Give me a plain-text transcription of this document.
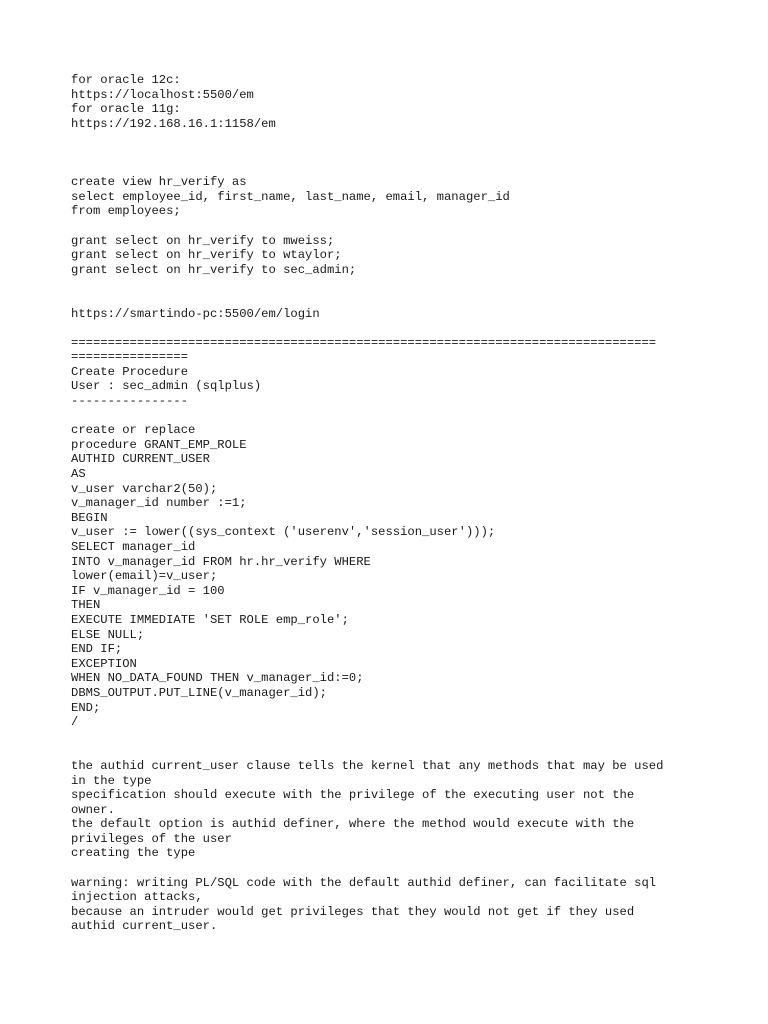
for oracle 12c:
https://localhost:5500/em
for oracle 11g:
https://192.168.16.1:1158/em
create view hr_verify as
select employee_id, first_name, last_name, email, manager_id
from employees;
grant select on hr_verify to mweiss;
grant select on hr_verify to wtaylor;
grant select on hr_verify to sec_admin;
https://smartindo-pc:5500/em/login
================================================================================
================
Create Procedure
User : sec_admin (sqlplus)
----------------
create or replace
procedure GRANT_EMP_ROLE
AUTHID CURRENT_USER
AS
v_user varchar2(50);
v_manager_id number :=1;
BEGIN
v_user := lower((sys_context ('userenv','session_user')));
SELECT manager_id
INTO v_manager_id FROM hr.hr_verify WHERE
lower(email)=v_user;
IF v_manager_id = 100
THEN
EXECUTE IMMEDIATE 'SET ROLE emp_role';
ELSE NULL;
END IF;
EXCEPTION
WHEN NO_DATA_FOUND THEN v_manager_id:=0;
DBMS_OUTPUT.PUT_LINE(v_manager_id);
END;
/
the authid current_user clause tells the kernel that any methods that may be used
in the type
specification should execute with the privilege of the executing user not the
owner.
the default option is authid definer, where the method would execute with the
privileges of the user
creating the type
warning: writing PL/SQL code with the default authid definer, can facilitate sql
injection attacks,
because an intruder would get privileges that they would not get if they used
authid current_user.
